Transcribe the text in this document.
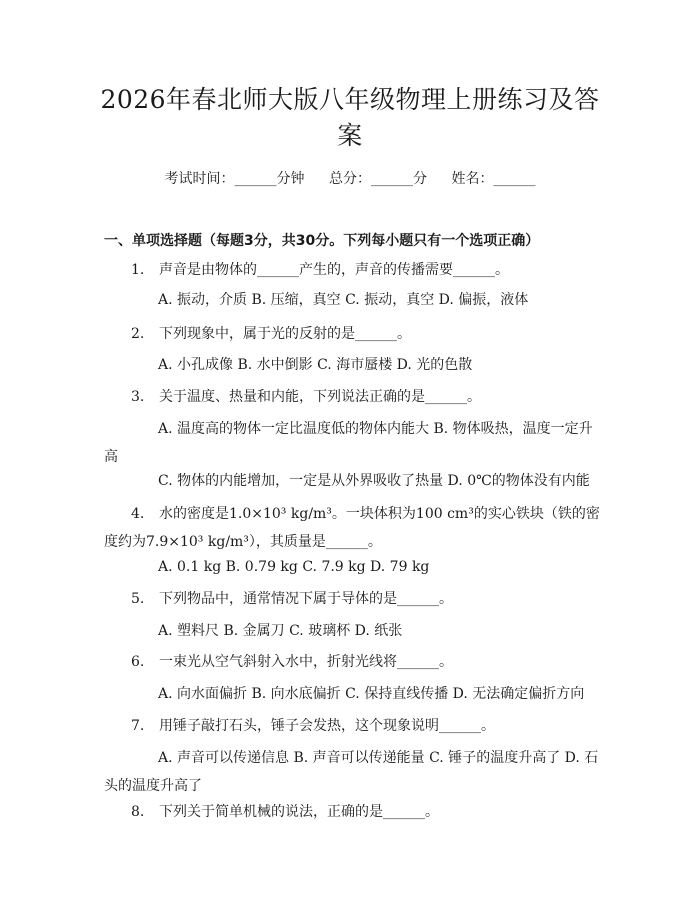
2026年春北师大版八年级物理上册练习及答案
考试时间：______分钟 总分：______分 姓名：______
一、单项选择题（每题3分，共30分。下列每小题只有一个选项正确）
1. 声音是由物体的______产生的，声音的传播需要______。
A. 振动，介质 B. 压缩，真空 C. 振动，真空 D. 偏振，液体
2. 下列现象中，属于光的反射的是______。
A. 小孔成像 B. 水中倒影 C. 海市蜃楼 D. 光的色散
3. 关于温度、热量和内能，下列说法正确的是______。
A. 温度高的物体一定比温度低的物体内能大 B. 物体吸热，温度一定升高
C. 物体的内能增加，一定是从外界吸收了热量 D. 0℃的物体没有内能
4. 水的密度是1.0×10³ kg/m³。一块体积为100 cm³的实心铁块（铁的密度约为7.9×10³ kg/m³），其质量是______。
A. 0.1 kg B. 0.79 kg C. 7.9 kg D. 79 kg
5. 下列物品中，通常情况下属于导体的是______。
A. 塑料尺 B. 金属刀 C. 玻璃杯 D. 纸张
6. 一束光从空气斜射入水中，折射光线将______。
A. 向水面偏折 B. 向水底偏折 C. 保持直线传播 D. 无法确定偏折方向
7. 用锤子敲打石头，锤子会发热，这个现象说明______。
A. 声音可以传递信息 B. 声音可以传递能量 C. 锤子的温度升高了 D. 石头的温度升高了
8. 下列关于简单机械的说法，正确的是______。
